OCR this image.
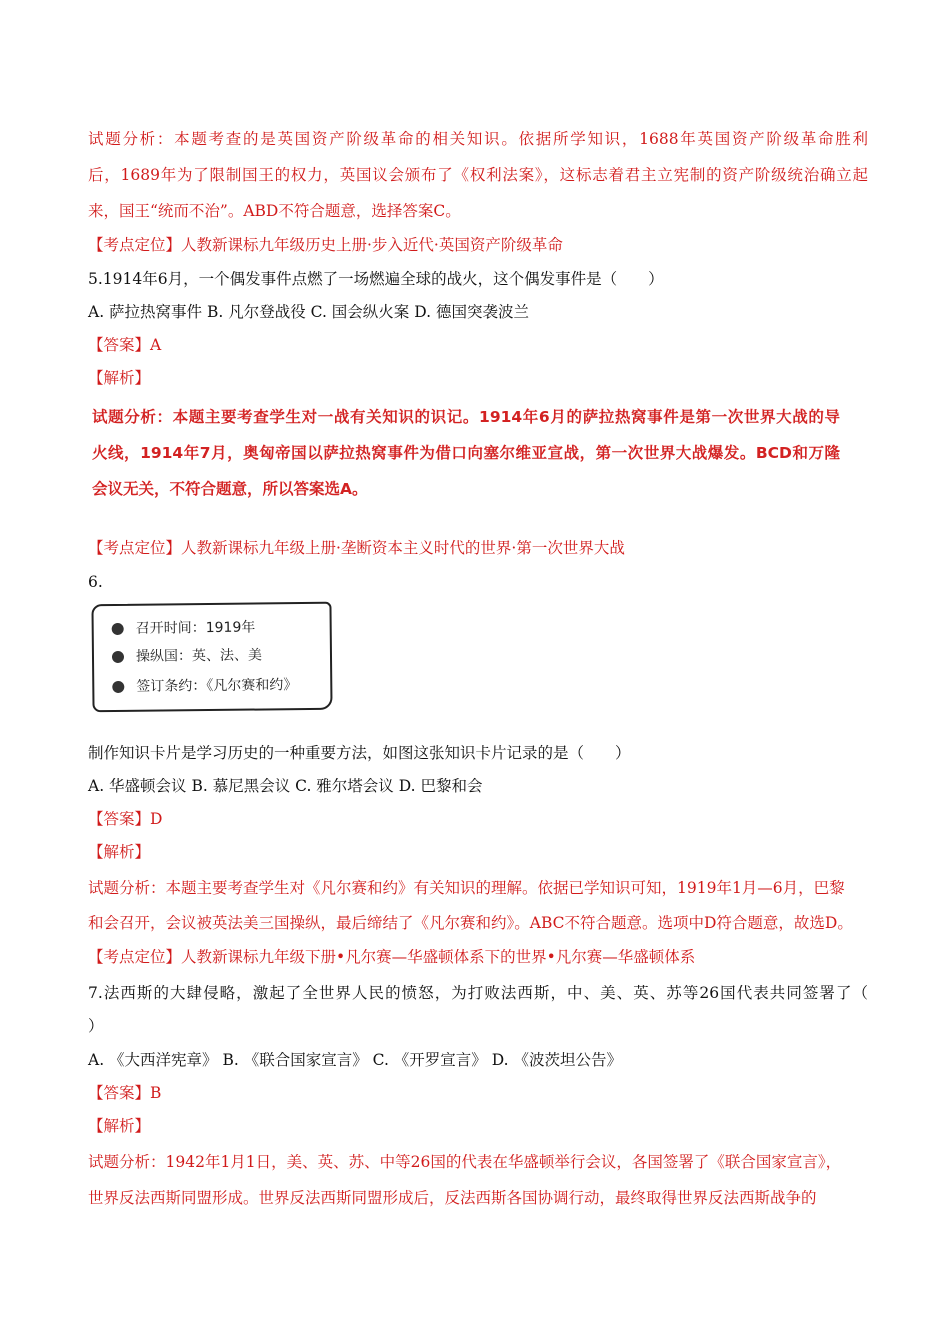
试题分析：本题考查的是英国资产阶级革命的相关知识。依据所学知识，1688年英国资产阶级革命胜利
后，1689年为了限制国王的权力，英国议会颁布了《权利法案》，这标志着君主立宪制的资产阶级统治确立起
来，国王“统而不治”。ABD不符合题意，选择答案C。
【考点定位】人教新课标九年级历史上册·步入近代·英国资产阶级革命
5.1914年6月，一个偶发事件点燃了一场燃遍全球的战火，这个偶发事件是（　　）
A. 萨拉热窝事件 B. 凡尔登战役 C. 国会纵火案 D. 德国突袭波兰
【答案】A
【解析】
试题分析：本题主要考查学生对一战有关知识的识记。1914年6月的萨拉热窝事件是第一次世界大战的导
火线，1914年7月，奥匈帝国以萨拉热窝事件为借口向塞尔维亚宣战，第一次世界大战爆发。BCD和万隆
会议无关，不符合题意，所以答案选A。
【考点定位】人教新课标九年级上册·垄断资本主义时代的世界·第一次世界大战
6.
召开时间：1919年
操纵国：英、法、美
签订条约：《凡尔赛和约》
制作知识卡片是学习历史的一种重要方法，如图这张知识卡片记录的是（　　）
A. 华盛顿会议 B. 慕尼黑会议 C. 雅尔塔会议 D. 巴黎和会
【答案】D
【解析】
试题分析：本题主要考查学生对《凡尔赛和约》有关知识的理解。依据已学知识可知，1919年1月—6月，巴黎
和会召开，会议被英法美三国操纵，最后缔结了《凡尔赛和约》。ABC不符合题意。选项中D符合题意，故选D。
【考点定位】人教新课标九年级下册•凡尔赛—华盛顿体系下的世界•凡尔赛—华盛顿体系
7.法西斯的大肆侵略，激起了全世界人民的愤怒，为打败法西斯，中、美、英、苏等26国代表共同签署了（
）
A. 《大西洋宪章》 B. 《联合国家宣言》 C. 《开罗宣言》 D. 《波茨坦公告》
【答案】B
【解析】
试题分析：1942年1月1日，美、英、苏、中等26国的代表在华盛顿举行会议，各国签署了《联合国家宣言》，
世界反法西斯同盟形成。世界反法西斯同盟形成后，反法西斯各国协调行动，最终取得世界反法西斯战争的
